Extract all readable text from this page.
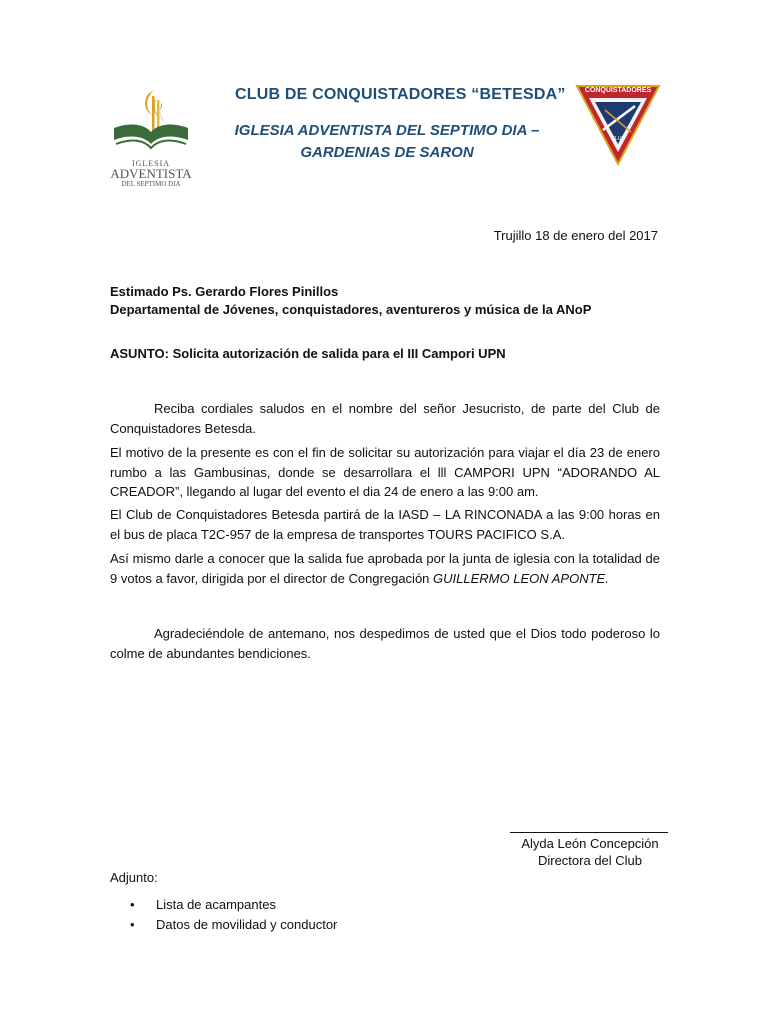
IGLESIA
ADVENTISTA
DEL SEPTIMO DIA
CLUB DE CONQUISTADORES “BETESDA”
IGLESIA ADVENTISTA DEL SEPTIMO DIA –
GARDENIAS DE SARON
CONQUISTADORES
CLUB
Trujillo 18 de enero del 2017
Estimado Ps. Gerardo Flores Pinillos
Departamental de Jóvenes, conquistadores, aventureros y música de la ANoP
ASUNTO: Solicita autorización de salida para el III Campori UPN
Reciba cordiales saludos en el nombre del señor Jesucristo, de parte del Club de Conquistadores Betesda.
El motivo de la presente es con el fin de solicitar su autorización para viajar el día 23 de enero rumbo a las Gambusinas, donde se desarrollara el lll CAMPORI UPN “ADORANDO AL CREADOR”, llegando al lugar del evento el dia 24 de enero a las 9:00 am.
El Club de Conquistadores Betesda partirá de la IASD – LA RINCONADA a las 9:00 horas en el bus de placa T2C-957 de la empresa de transportes TOURS PACIFICO S.A.
Así mismo darle a conocer que la salida fue aprobada por la junta de iglesia con la totalidad de 9 votos a favor, dirigida por el director de Congregación GUILLERMO LEON APONTE.
Agradeciéndole de antemano, nos despedimos de usted que el Dios todo poderoso lo colme de abundantes bendiciones.
Alyda León Concepción
Directora del Club
Adjunto:
• Lista de acampantes
• Datos de movilidad y conductor
